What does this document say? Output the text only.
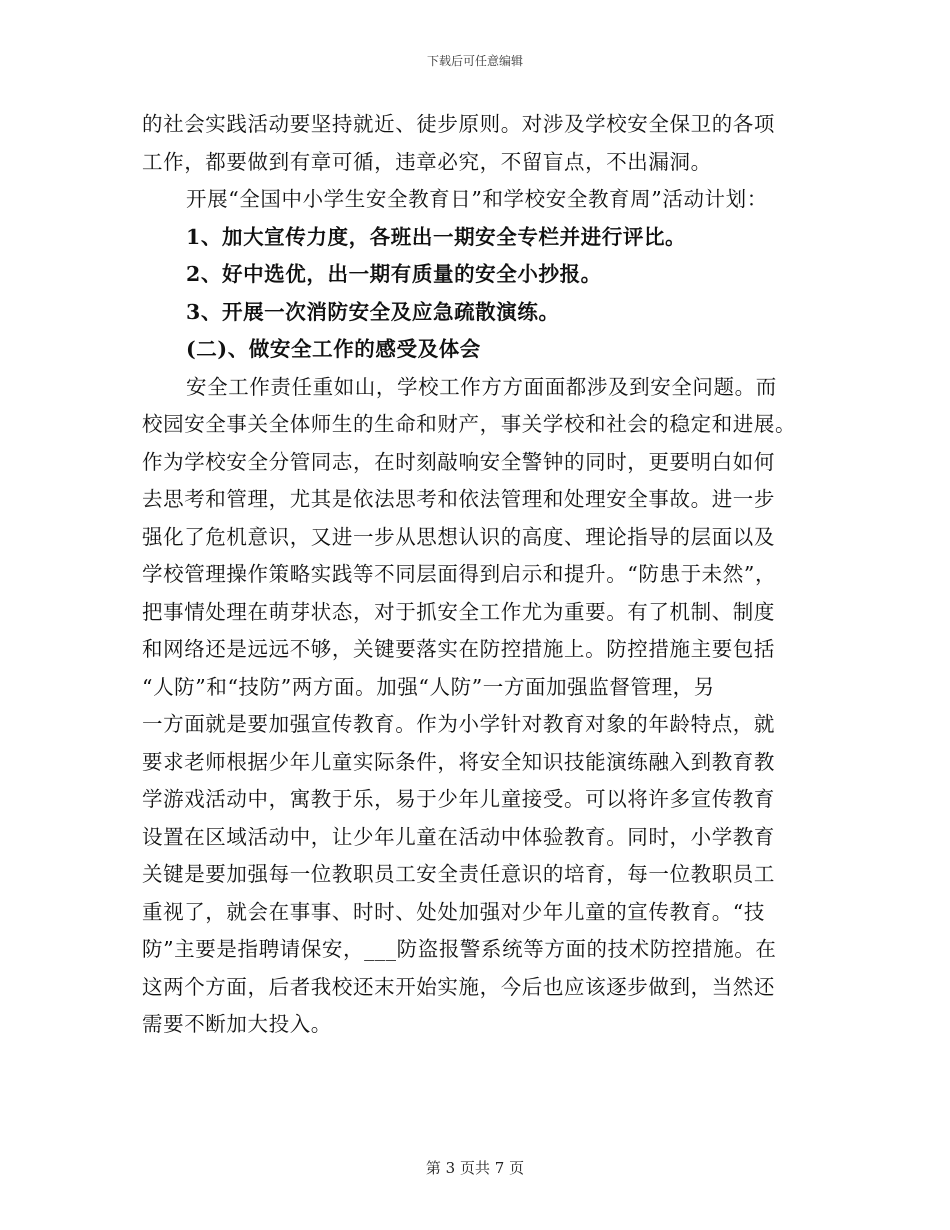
下载后可任意编辑
的社会实践活动要坚持就近、徒步原则。对涉及学校安全保卫的各项
工作，都要做到有章可循，违章必究，不留盲点，不出漏洞。
开展“全国中小学生安全教育日”和学校安全教育周”活动计划：
1、加大宣传力度，各班出一期安全专栏并进行评比。
2、好中选优，出一期有质量的安全小抄报。
3、开展一次消防安全及应急疏散演练。
(二)、做安全工作的感受及体会
安全工作责任重如山，学校工作方方面面都涉及到安全问题。而
校园安全事关全体师生的生命和财产，事关学校和社会的稳定和进展。
作为学校安全分管同志，在时刻敲响安全警钟的同时，更要明白如何
去思考和管理，尤其是依法思考和依法管理和处理安全事故。进一步
强化了危机意识，又进一步从思想认识的高度、理论指导的层面以及
学校管理操作策略实践等不同层面得到启示和提升。“防患于未然”，
把事情处理在萌芽状态，对于抓安全工作尤为重要。有了机制、制度
和网络还是远远不够，关键要落实在防控措施上。防控措施主要包括
“人防”和“技防”两方面。加强“人防”一方面加强监督管理，另
一方面就是要加强宣传教育。作为小学针对教育对象的年龄特点，就
要求老师根据少年儿童实际条件，将安全知识技能演练融入到教育教
学游戏活动中，寓教于乐，易于少年儿童接受。可以将许多宣传教育
设置在区域活动中，让少年儿童在活动中体验教育。同时，小学教育
关键是要加强每一位教职员工安全责任意识的培育，每一位教职员工
重视了，就会在事事、时时、处处加强对少年儿童的宣传教育。“技
防”主要是指聘请保安，___防盗报警系统等方面的技术防控措施。在
这两个方面，后者我校还末开始实施，今后也应该逐步做到，当然还
需要不断加大投入。
第 3 页共 7 页
